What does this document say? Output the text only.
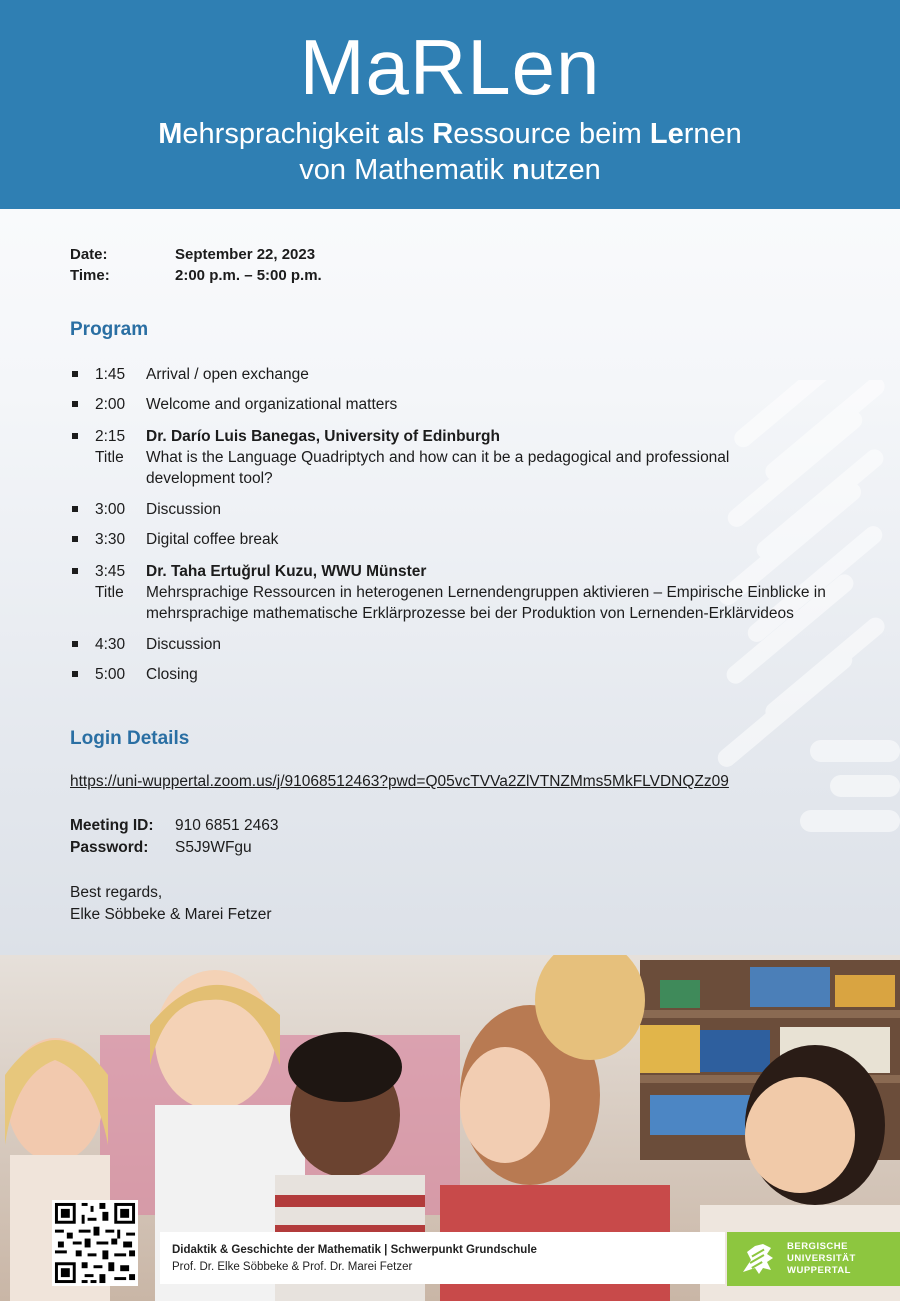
MaRLen
Mehrsprachigkeit als Ressource beim Lernen
von Mathematik nutzen
Date:	September 22, 2023
Time:	2:00 p.m. – 5:00 p.m.
Program
1:45 Arrival / open exchange
2:00 Welcome and organizational matters
2:15 Dr. Darío Luis Banegas, University of Edinburgh
Title What is the Language Quadriptych and how can it be a pedagogical and professional development tool?
3:00 Discussion
3:30 Digital coffee break
3:45 Dr. Taha Ertuğrul Kuzu, WWU Münster
Title Mehrsprachige Ressourcen in heterogenen Lernendengruppen aktivieren – Empirische Einblicke in mehrsprachige mathematische Erklärprozesse bei der Produktion von Lernenden-Erklärvideos
4:30 Discussion
5:00 Closing
Login Details
https://uni-wuppertal.zoom.us/j/91068512463?pwd=Q05vcTVVa2ZlVTNZMms5MkFLVDNQZz09
Meeting ID: 910 6851 2463
Password: S5J9WFgu
Best regards,
Elke Söbbeke & Marei Fetzer
Didaktik & Geschichte der Mathematik | Schwerpunkt Grundschule
Prof. Dr. Elke Söbbeke & Prof. Dr. Marei Fetzer
BERGISCHE
UNIVERSITÄT
WUPPERTAL
